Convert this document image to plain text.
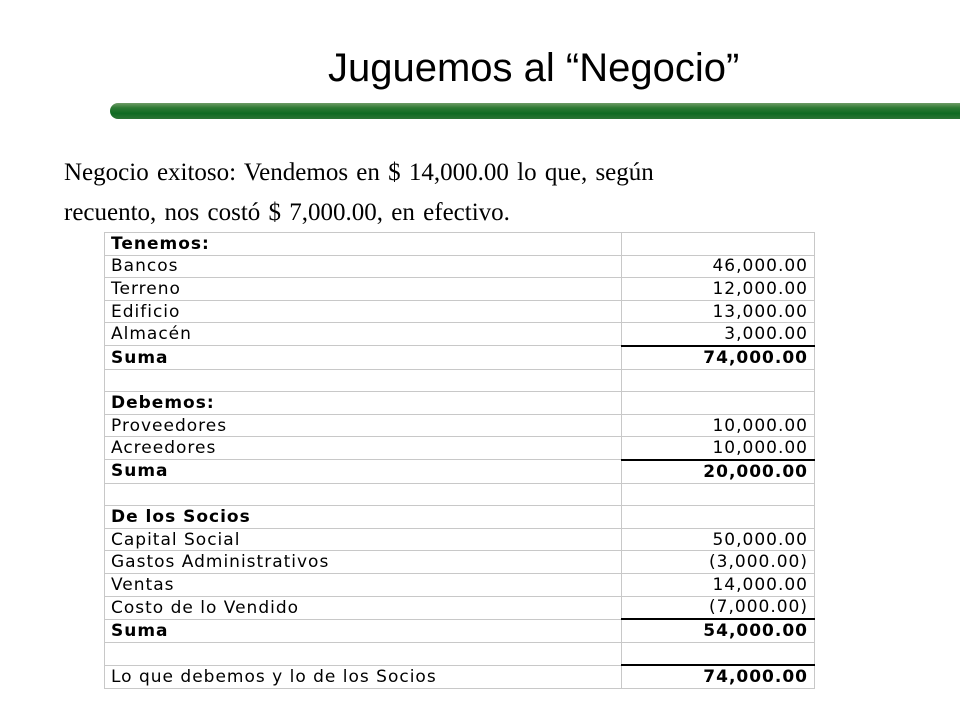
Juguemos al “Negocio”
Negocio exitoso: Vendemos en $ 14,000.00 lo que, según
recuento, nos costó $ 7,000.00, en efectivo.
Tenemos:	
Bancos	46,000.00
Terreno	12,000.00
Edificio	13,000.00
Almacén	3,000.00
Suma	74,000.00

Debemos:	
Proveedores	10,000.00
Acreedores	10,000.00
Suma	20,000.00

De los Socios	
Capital Social	50,000.00
Gastos Administrativos	(3,000.00)
Ventas	14,000.00
Costo de lo Vendido	(7,000.00)
Suma	54,000.00

Lo que debemos y lo de los Socios	74,000.00
